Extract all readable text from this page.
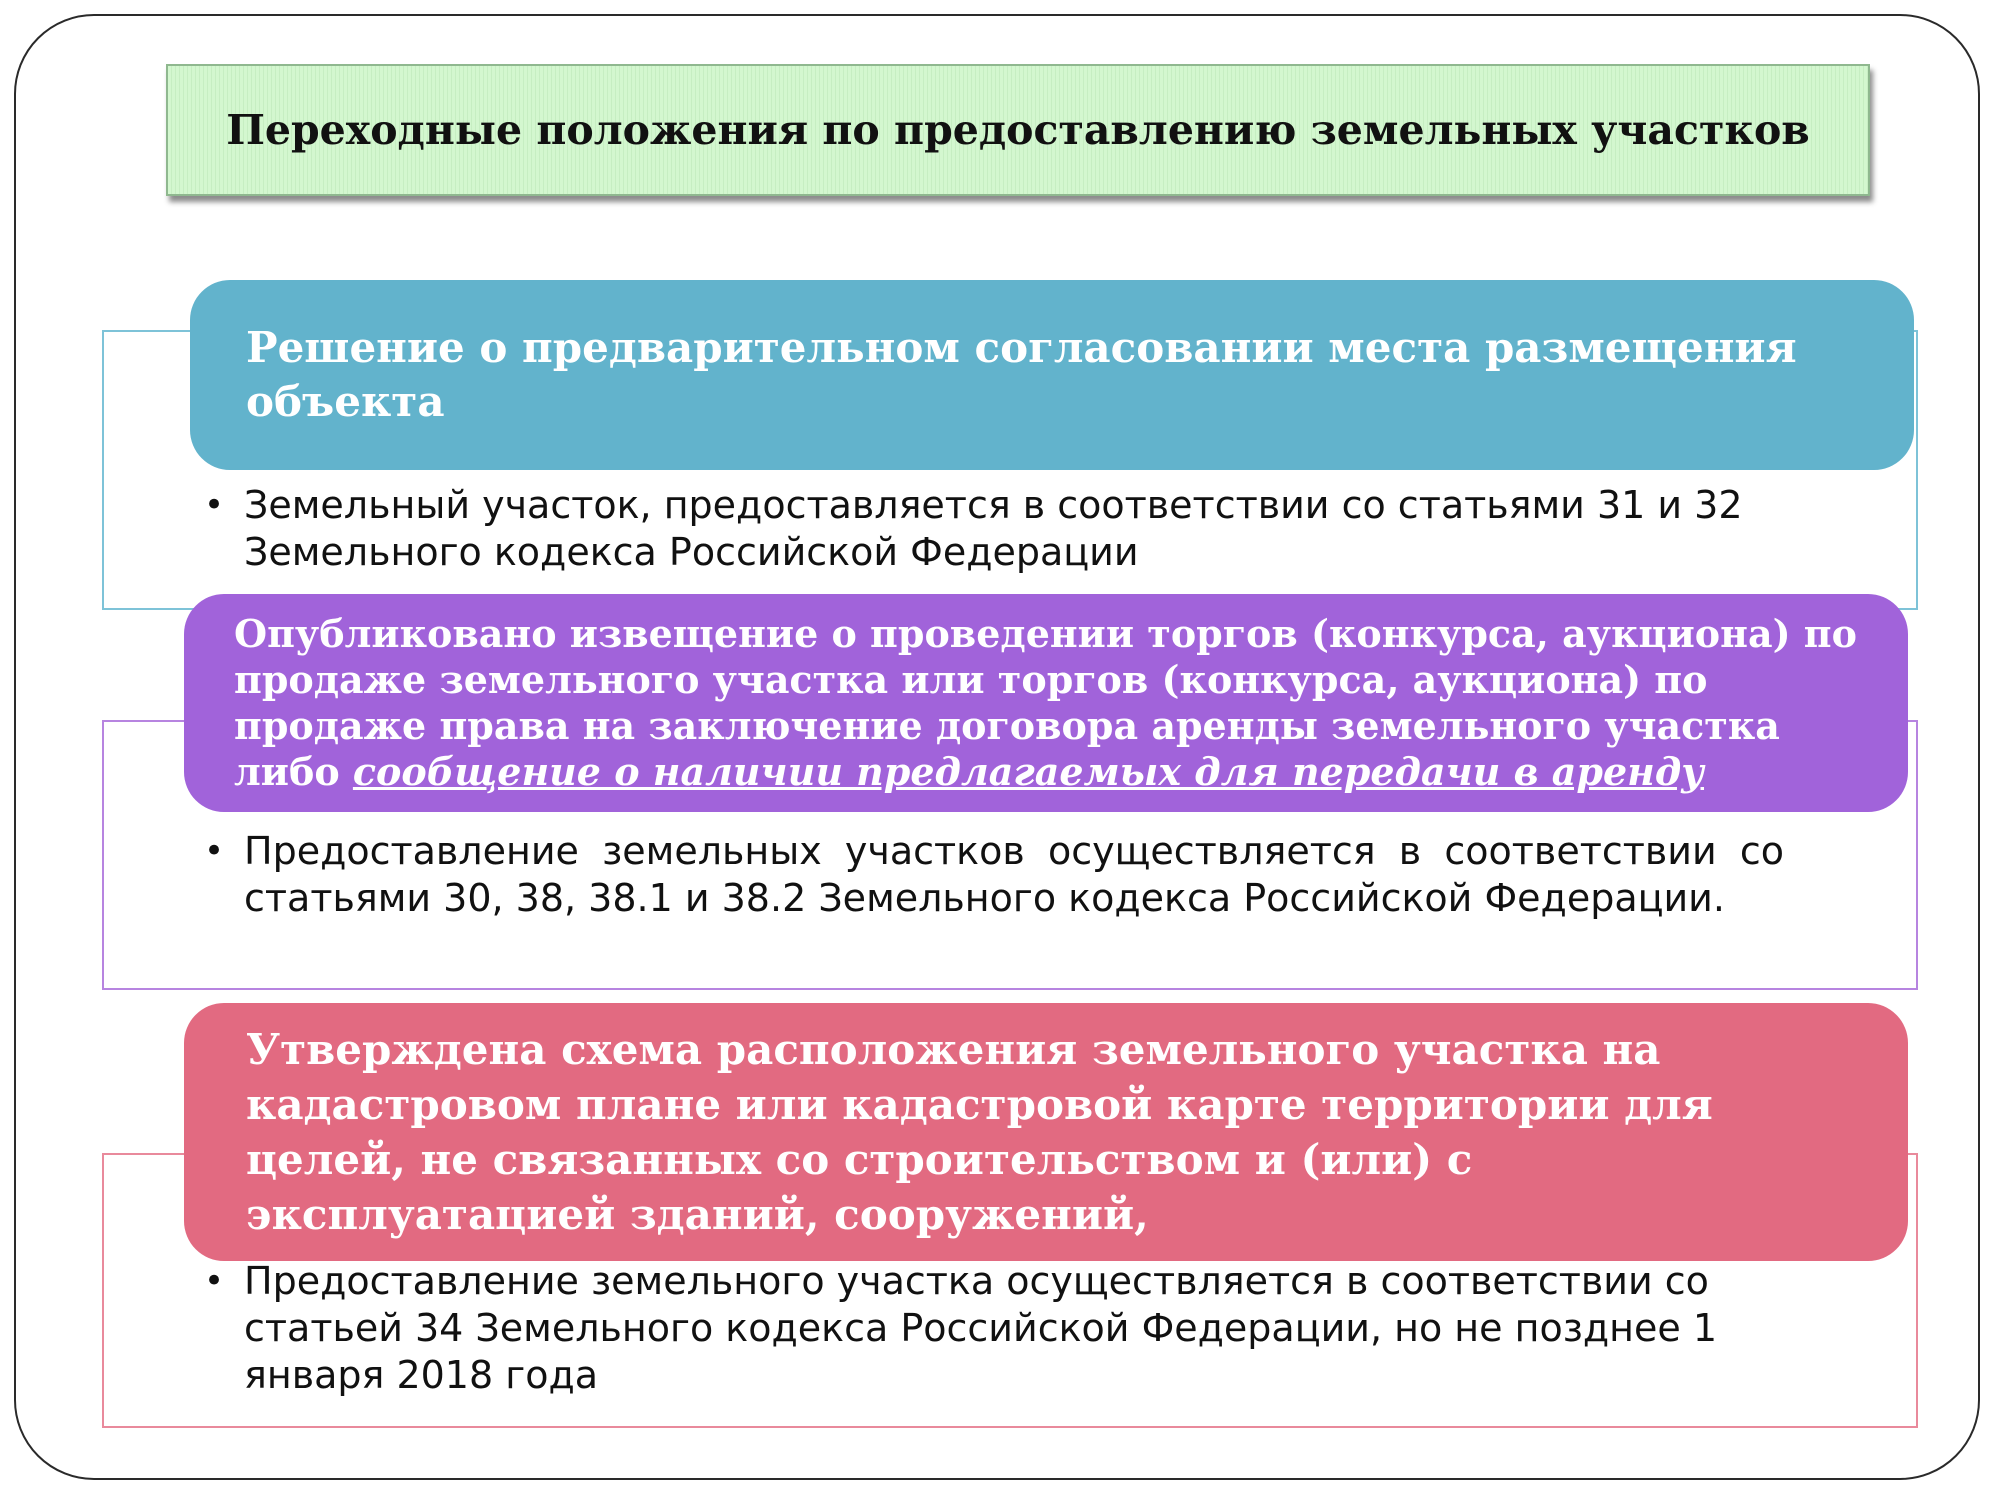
Переходные положения по предоставлению земельных участков
Решение о предварительном согласовании места размещения объекта
• Земельный участок, предоставляется в соответствии со статьями 31 и 32 Земельного кодекса Российской Федерации
Опубликовано извещение о проведении торгов (конкурса, аукциона) по продаже земельного участка или торгов (конкурса, аукциона) по продаже права на заключение договора аренды земельного участка либо сообщение о наличии предлагаемых для передачи в аренду
• Предоставление земельных участков осуществляется в соответствии со статьями 30, 38, 38.1 и 38.2 Земельного кодекса Российской Федерации.
Утверждена схема расположения земельного участка на кадастровом плане или кадастровой карте территории для целей, не связанных со строительством и (или) с эксплуатацией зданий, сооружений,
• Предоставление земельного участка осуществляется в соответствии со статьей 34 Земельного кодекса Российской Федерации, но не позднее 1 января 2018 года
